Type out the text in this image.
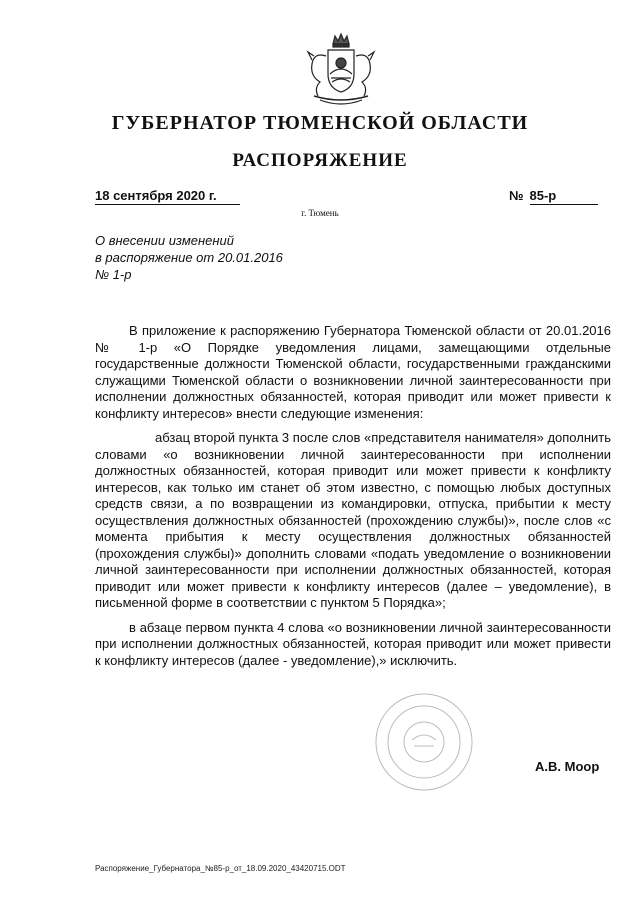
ГУБЕРНАТОР ТЮМЕНСКОЙ ОБЛАСТИ
РАСПОРЯЖЕНИЕ
18 сентября 2020 г.	№ 85-р
г. Тюмень
О внесении изменений
в распоряжение от 20.01.2016
№ 1-р

В приложение к распоряжению Губернатора Тюменской области от 20.01.2016 № 1-р «О Порядке уведомления лицами, замещающими отдельные государственные должности Тюменской области, государственными гражданскими служащими Тюменской области о возникновении личной заинтересованности при исполнении должностных обязанностей, которая приводит или может привести к конфликту интересов» внести следующие изменения:

абзац второй пункта 3 после слов «представителя нанимателя» дополнить словами «о возникновении личной заинтересованности при исполнении должностных обязанностей, которая приводит или может привести к конфликту интересов, как только им станет об этом известно, с помощью любых доступных средств связи, а по возвращении из командировки, отпуска, прибытии к месту осуществления должностных обязанностей (прохождению службы)», после слов «с момента прибытия к месту осуществления должностных обязанностей (прохождения службы)» дополнить словами «подать уведомление о возникновении личной заинтересованности при исполнении должностных обязанностей, которая приводит или может привести к конфликту интересов (далее – уведомление), в письменной форме в соответствии с пунктом 5 Порядка»;

в абзаце первом пункта 4 слова «о возникновении личной заинтересованности при исполнении должностных обязанностей, которая приводит или может привести к конфликту интересов (далее - уведомление),» исключить.

А.В. Моор
Распоряжение_Губернатора_№85-р_от_18.09.2020_43420715.ODT
